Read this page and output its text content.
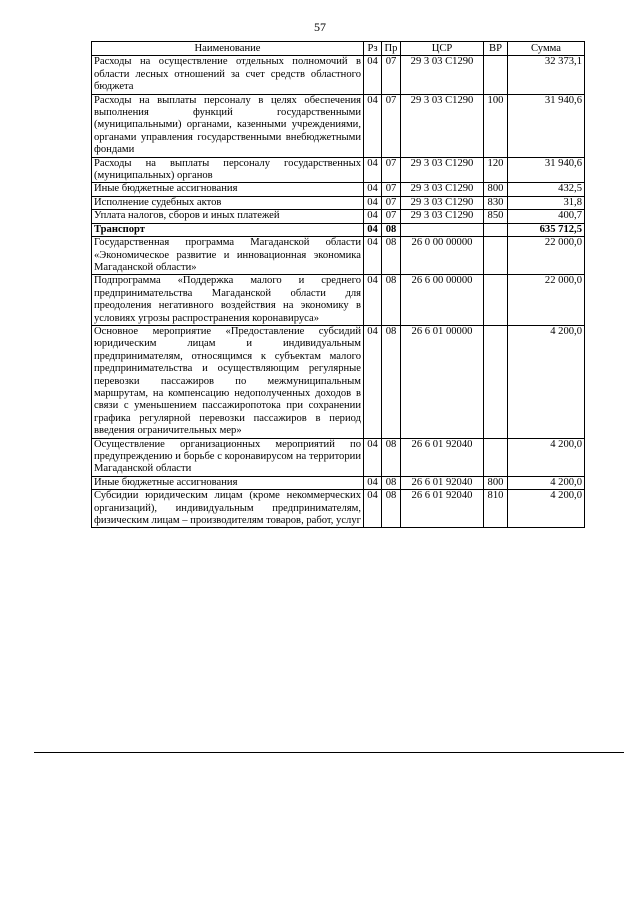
57
Наименование	Рз	Пр	ЦСР	ВР	Сумма
Расходы на осуществление отдельных полномочий в области лесных отношений за счет средств областного бюджета	04	07	29 3 03 С1290		32 373,1
Расходы на выплаты персоналу в целях обеспечения выполнения функций государственными (муниципальными) органами, казенными учреждениями, органами управления государственными внебюджетными фондами	04	07	29 3 03 С1290	100	31 940,6
Расходы на выплаты персоналу государственных (муниципальных) органов	04	07	29 3 03 С1290	120	31 940,6
Иные бюджетные ассигнования	04	07	29 3 03 С1290	800	432,5
Исполнение судебных актов	04	07	29 3 03 С1290	830	31,8
Уплата налогов, сборов и иных платежей	04	07	29 3 03 С1290	850	400,7
Транспорт	04	08			635 712,5
Государственная программа Магаданской области «Экономическое развитие и инновационная экономика Магаданской области»	04	08	26 0 00 00000		22 000,0
Подпрограмма «Поддержка малого и среднего предпринимательства Магаданской области для преодоления негативного воздействия на экономику в условиях угрозы распространения коронавируса»	04	08	26 6 00 00000		22 000,0
Основное мероприятие «Предоставление субсидий юридическим лицам и индивидуальным предпринимателям, относящимся к субъектам малого предпринимательства и осуществляющим регулярные перевозки пассажиров по межмуниципальным маршрутам, на компенсацию недополученных доходов в связи с уменьшением пассажиропотока при сохранении графика регулярной перевозки пассажиров в период введения ограничительных мер»	04	08	26 6 01 00000		4 200,0
Осуществление организационных мероприятий по предупреждению и борьбе с коронавирусом на территории Магаданской области	04	08	26 6 01 92040		4 200,0
Иные бюджетные ассигнования	04	08	26 6 01 92040	800	4 200,0
Субсидии юридическим лицам (кроме некоммерческих организаций), индивидуальным предпринимателям, физическим лицам – производителям товаров, работ, услуг	04	08	26 6 01 92040	810	4 200,0
